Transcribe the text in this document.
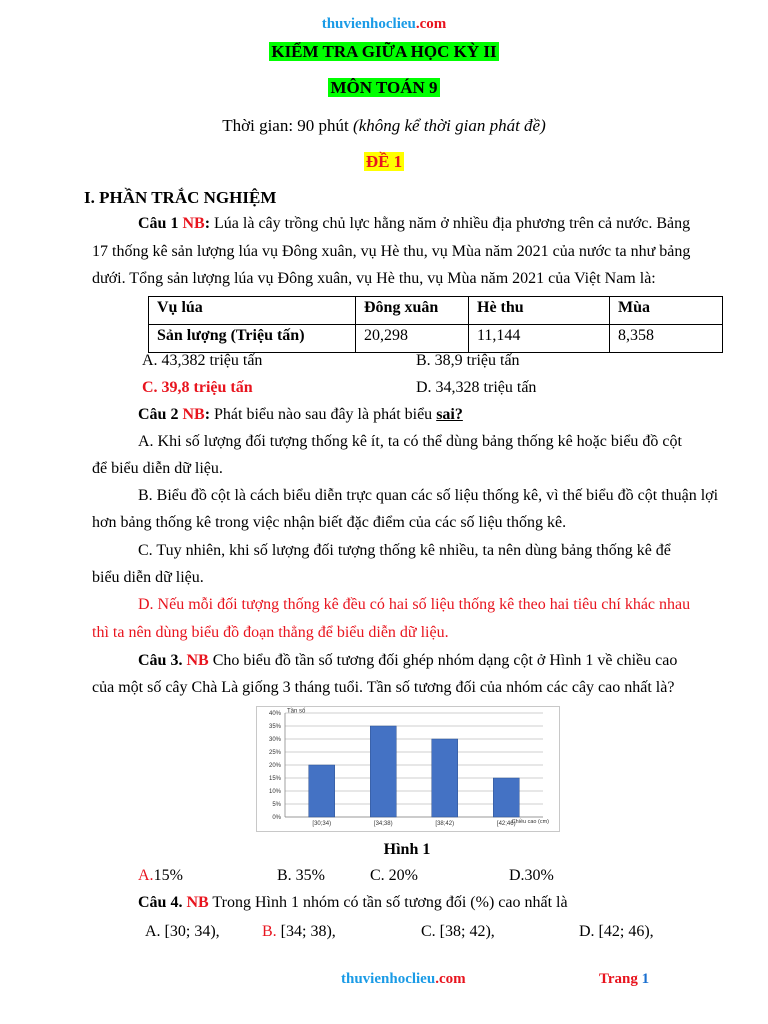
thuvienhoclieu.com
KIỂM TRA GIỮA HỌC KỲ II
MÔN TOÁN 9
Thời gian: 90 phút (không kể thời gian phát đề)
ĐỀ 1
I. PHẦN TRẮC NGHIỆM
Câu 1 NB: Lúa là cây trồng chủ lực hằng năm ở nhiều địa phương trên cả nước. Bảng
17 thống kê sản lượng lúa vụ Đông xuân, vụ Hè thu, vụ Mùa năm 2021 của nước ta như bảng
dưới. Tổng sản lượng lúa vụ Đông xuân, vụ Hè thu, vụ Mùa năm 2021 của Việt Nam là:
Vụ lúa	Đông xuân	Hè thu	Mùa
Sản lượng (Triệu tấn)	20,298	11,144	8,358
A. 43,382 triệu tấn	B. 38,9 triệu tấn
C. 39,8 triệu tấn	D. 34,328 triệu tấn
Câu 2 NB: Phát biểu nào sau đây là phát biểu sai?
A. Khi số lượng đối tượng thống kê ít, ta có thể dùng bảng thống kê hoặc biểu đồ cột
để biểu diễn dữ liệu.
B. Biểu đồ cột là cách biểu diễn trực quan các số liệu thống kê, vì thế biểu đồ cột thuận lợi
hơn bảng thống kê trong việc nhận biết đặc điểm của các số liệu thống kê.
C. Tuy nhiên, khi số lượng đối tượng thống kê nhiều, ta nên dùng bảng thống kê để
biểu diễn dữ liệu.
D. Nếu mỗi đối tượng thống kê đều có hai số liệu thống kê theo hai tiêu chí khác nhau
thì ta nên dùng biểu đồ đoạn thẳng để biểu diễn dữ liệu.
Câu 3. NB Cho biểu đồ tần số tương đối ghép nhóm dạng cột ở Hình 1 về chiều cao
của một số cây Chà Là giống 3 tháng tuổi. Tần số tương đối của nhóm các cây cao nhất là?
0%
5%
10%
15%
20%
25%
30%
35%
40% Tần số
[30;34)	[34;38)	[38;42)	[42;46)
Chiều cao (cm)
Hình 1
A.15%	B. 35%	C. 20%	D.30%
Câu 4. NB Trong Hình 1 nhóm có tần số tương đối (%) cao nhất là
A. [30; 34),	B. [34; 38),	C. [38; 42),	D. [42; 46),
thuvienhoclieu.com	Trang 1
